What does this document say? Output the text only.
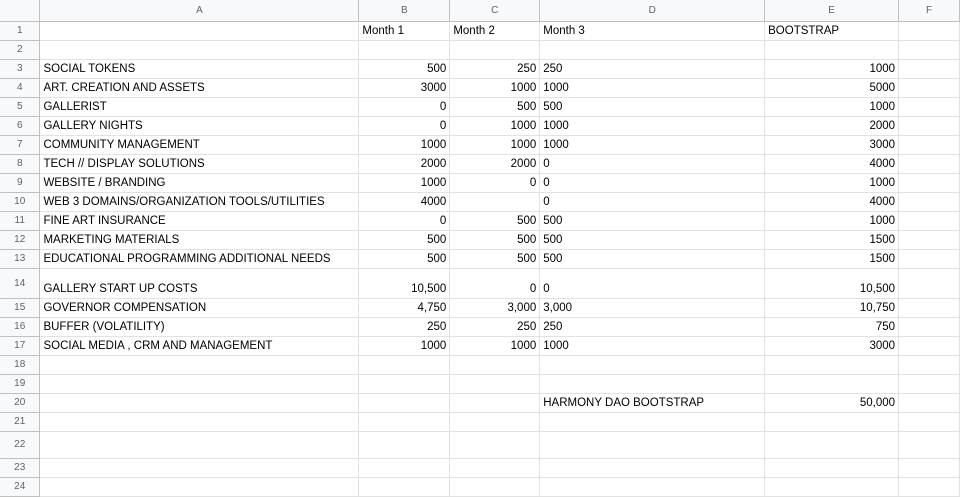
	A	B	C	D	E	F
1		Month 1	Month 2	Month 3	BOOTSTRAP	
2						
3	SOCIAL TOKENS	500	250	250	1000	
4	ART. CREATION AND ASSETS	3000	1000	1000	5000	
5	GALLERIST	0	500	500	1000	
6	GALLERY NIGHTS	0	1000	1000	2000	
7	COMMUNITY MANAGEMENT	1000	1000	1000	3000	
8	TECH // DISPLAY SOLUTIONS	2000	2000	0	4000	
9	WEBSITE / BRANDING	1000	0	0	1000	
10	WEB 3 DOMAINS/ORGANIZATION TOOLS/UTILITIES	4000		0	4000	
11	FINE ART INSURANCE	0	500	500	1000	
12	MARKETING MATERIALS	500	500	500	1500	
13	EDUCATIONAL PROGRAMMING ADDITIONAL NEEDS	500	500	500	1500	
14	GALLERY START UP COSTS	10,500	0	0	10,500	
15	GOVERNOR COMPENSATION	4,750	3,000	3,000	10,750	
16	BUFFER (VOLATILITY)	250	250	250	750	
17	SOCIAL MEDIA , CRM AND MANAGEMENT	1000	1000	1000	3000	
18						
19						
20				HARMONY DAO BOOTSTRAP	50,000	
21						
22						
23						
24						
